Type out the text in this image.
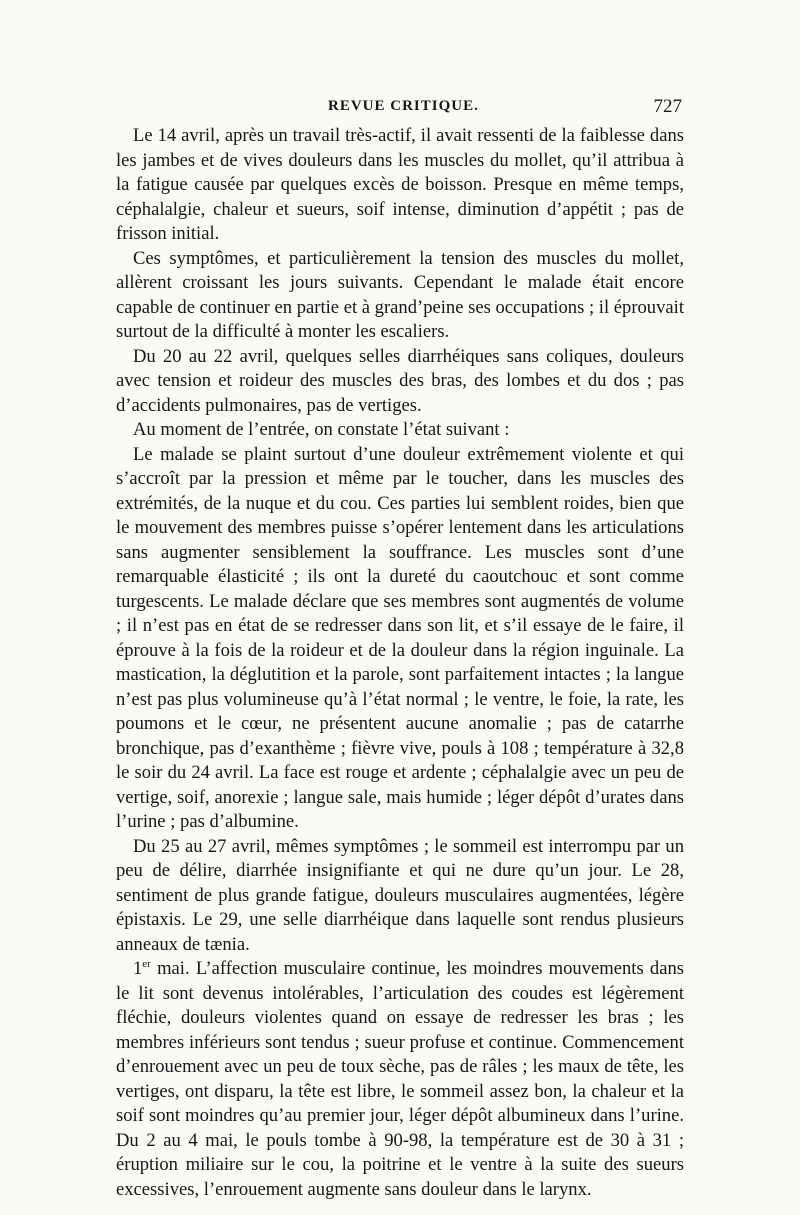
REVUE CRITIQUE.	727

Le 14 avril, après un travail très-actif, il avait ressenti de la faiblesse dans les jambes et de vives douleurs dans les muscles du mollet, qu’il attribua à la fatigue causée par quelques excès de boisson. Presque en même temps, céphalalgie, chaleur et sueurs, soif intense, diminution d’appétit ; pas de frisson initial.

Ces symptômes, et particulièrement la tension des muscles du mollet, allèrent croissant les jours suivants. Cependant le malade était encore capable de continuer en partie et à grand’peine ses occupations ; il éprouvait surtout de la difficulté à monter les escaliers.

Du 20 au 22 avril, quelques selles diarrhéiques sans coliques, douleurs avec tension et roideur des muscles des bras, des lombes et du dos ; pas d’accidents pulmonaires, pas de vertiges.

Au moment de l’entrée, on constate l’état suivant :

Le malade se plaint surtout d’une douleur extrêmement violente et qui s’accroît par la pression et même par le toucher, dans les muscles des extrémités, de la nuque et du cou. Ces parties lui semblent roides, bien que le mouvement des membres puisse s’opérer lentement dans les articulations sans augmenter sensiblement la souffrance. Les muscles sont d’une remarquable élasticité ; ils ont la dureté du caoutchouc et sont comme turgescents. Le malade déclare que ses membres sont augmentés de volume ; il n’est pas en état de se redresser dans son lit, et s’il essaye de le faire, il éprouve à la fois de la roideur et de la douleur dans la région inguinale. La mastication, la déglutition et la parole, sont parfaitement intactes ; la langue n’est pas plus volumineuse qu’à l’état normal ; le ventre, le foie, la rate, les poumons et le cœur, ne présentent aucune anomalie ; pas de catarrhe bronchique, pas d’exanthème ; fièvre vive, pouls à 108 ; température à 32,8 le soir du 24 avril. La face est rouge et ardente ; céphalalgie avec un peu de vertige, soif, anorexie ; langue sale, mais humide ; léger dépôt d’urates dans l’urine ; pas d’albumine.

Du 25 au 27 avril, mêmes symptômes ; le sommeil est interrompu par un peu de délire, diarrhée insignifiante et qui ne dure qu’un jour. Le 28, sentiment de plus grande fatigue, douleurs musculaires augmentées, légère épistaxis. Le 29, une selle diarrhéique dans laquelle sont rendus plusieurs anneaux de tænia.

1er mai. L’affection musculaire continue, les moindres mouvements dans le lit sont devenus intolérables, l’articulation des coudes est légèrement fléchie, douleurs violentes quand on essaye de redresser les bras ; les membres inférieurs sont tendus ; sueur profuse et continue. Commencement d’enrouement avec un peu de toux sèche, pas de râles ; les maux de tête, les vertiges, ont disparu, la tête est libre, le sommeil assez bon, la chaleur et la soif sont moindres qu’au premier jour, léger dépôt albumineux dans l’urine. Du 2 au 4 mai, le pouls tombe à 90-98, la température est de 30 à 31 ; éruption miliaire sur le cou, la poitrine et le ventre à la suite des sueurs excessives, l’enrouement augmente sans douleur dans le larynx.
